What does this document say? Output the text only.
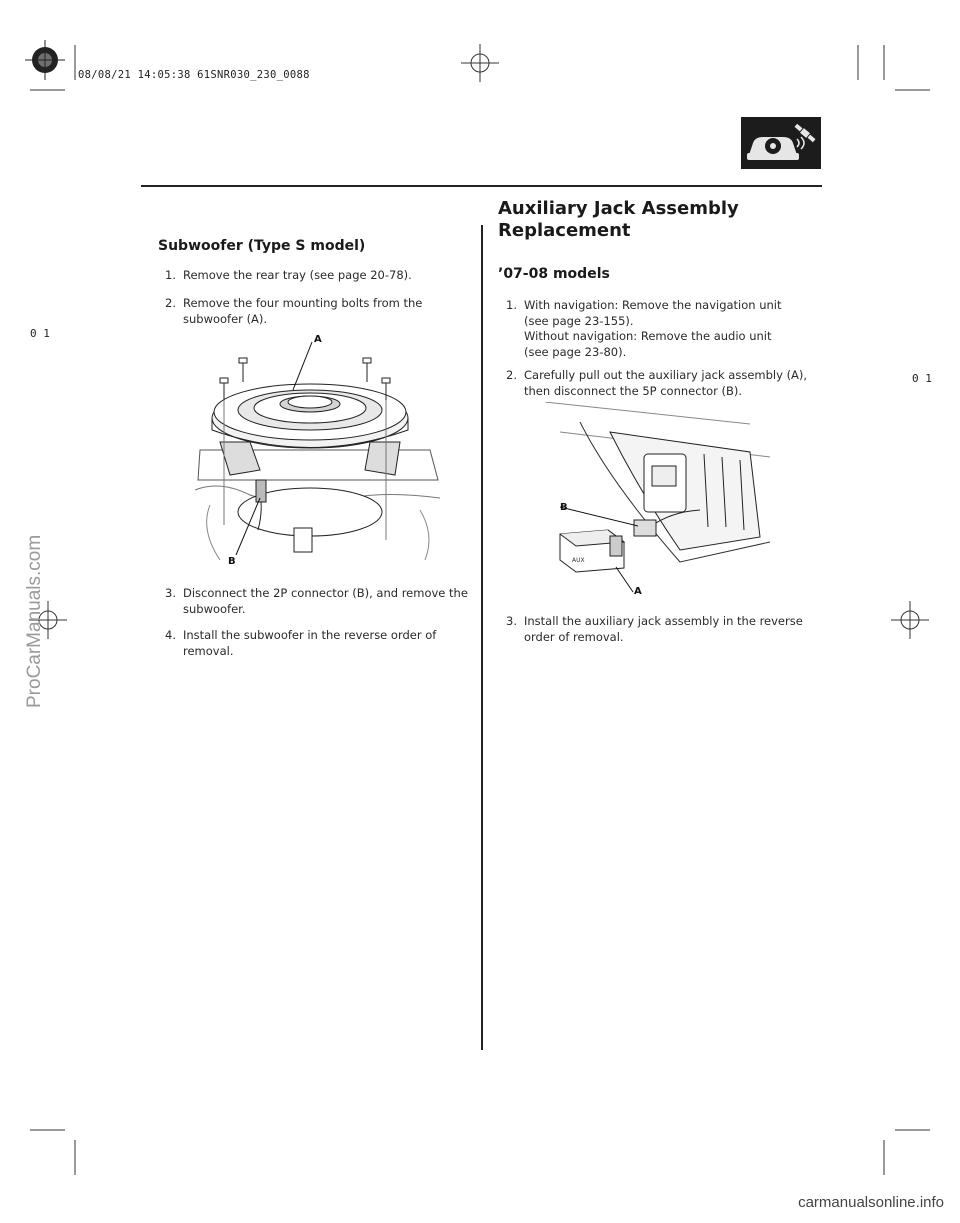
08/08/21 14:05:38 61SNR030_230_0088
0 1
0 1
Subwoofer (Type S model)
1. Remove the rear tray (see page 20-78).
2. Remove the four mounting bolts from the
subwoofer (A).
A
B
3. Disconnect the 2P connector (B), and remove the
subwoofer.
4. Install the subwoofer in the reverse order of
removal.
Auxiliary Jack Assembly
Replacement
’07-08 models
1. With navigation: Remove the navigation unit
(see page 23-155).
Without navigation: Remove the audio unit
(see page 23-80).
2. Carefully pull out the auxiliary jack assembly (A),
then disconnect the 5P connector (B).
AUX
B
A
3. Install the auxiliary jack assembly in the reverse
order of removal.
ProCarManuals.com
carmanualsonline.info
